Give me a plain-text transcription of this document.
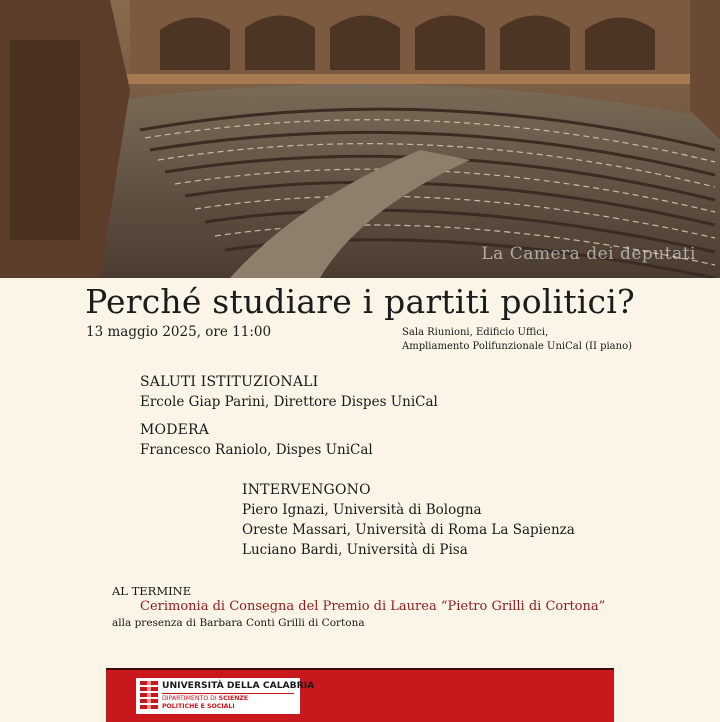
La Camera dei deputati
Perché studiare i partiti politici?
13 maggio 2025, ore 11:00	Sala Riunioni, Edificio Uffici,
Ampliamento Polifunzionale UniCal (II piano)
SALUTI ISTITUZIONALI
Ercole Giap Parini, Direttore Dispes UniCal
MODERA
Francesco Raniolo, Dispes UniCal
INTERVENGONO
Piero Ignazi, Università di Bologna
Oreste Massari, Università di Roma La Sapienza
Luciano Bardi, Università di Pisa
AL TERMINE
Cerimonia di Consegna del Premio di Laurea “Pietro Grilli di Cortona”
alla presenza di Barbara Conti Grilli di Cortona
UNIVERSITÀ DELLA CALABRIA
DIPARTIMENTO DI SCIENZE
POLITICHE E SOCIALI
